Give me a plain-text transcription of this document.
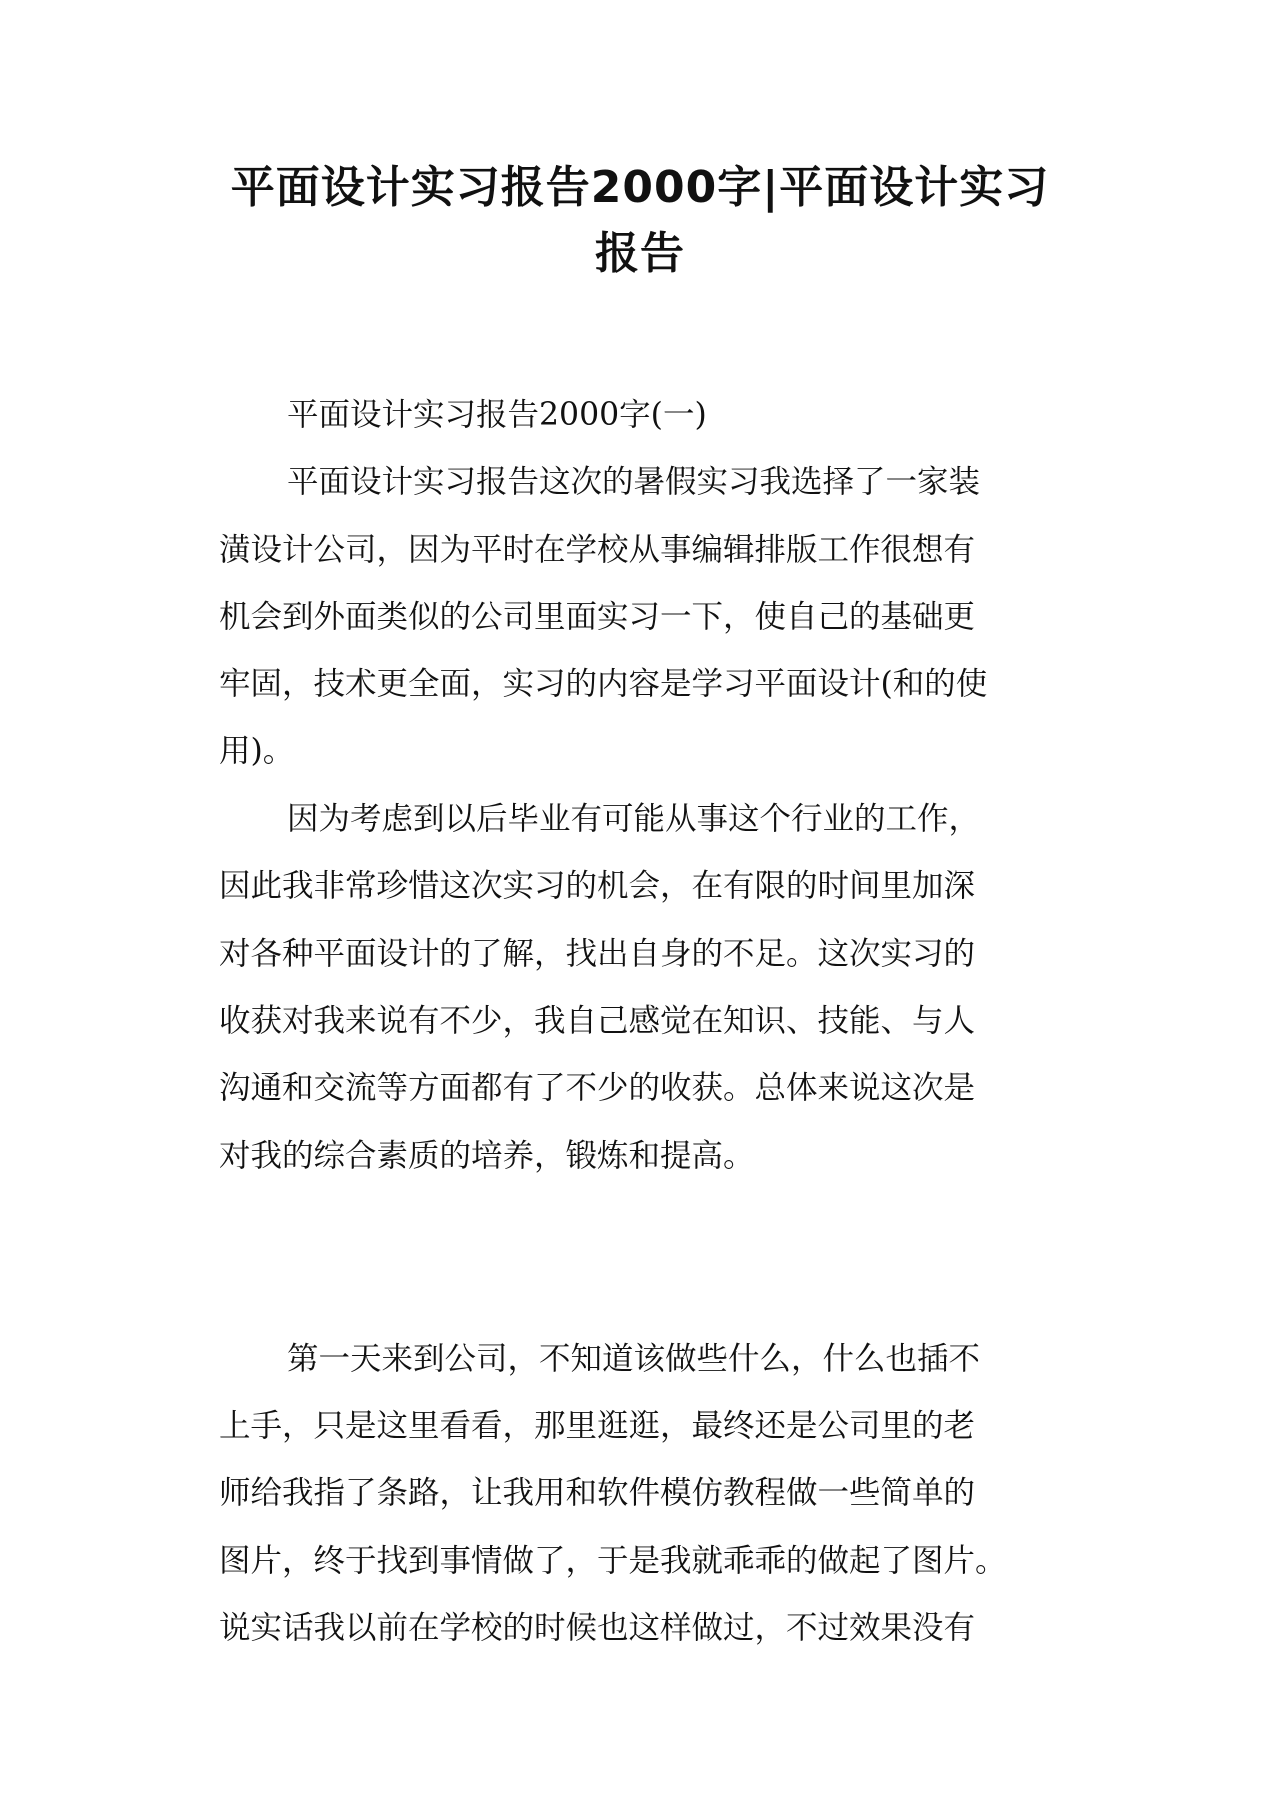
平面设计实习报告2000字|平面设计实习
报告

平面设计实习报告2000字(一)

平面设计实习报告这次的暑假实习我选择了一家装

潢设计公司，因为平时在学校从事编辑排版工作很想有

机会到外面类似的公司里面实习一下，使自己的基础更

牢固，技术更全面，实习的内容是学习平面设计(和的使

用)。

因为考虑到以后毕业有可能从事这个行业的工作，

因此我非常珍惜这次实习的机会，在有限的时间里加深

对各种平面设计的了解，找出自身的不足。这次实习的

收获对我来说有不少，我自己感觉在知识、技能、与人

沟通和交流等方面都有了不少的收获。总体来说这次是

对我的综合素质的培养，锻炼和提高。

第一天来到公司，不知道该做些什么，什么也插不

上手，只是这里看看，那里逛逛，最终还是公司里的老

师给我指了条路，让我用和软件模仿教程做一些简单的

图片，终于找到事情做了，于是我就乖乖的做起了图片。

说实话我以前在学校的时候也这样做过，不过效果没有
